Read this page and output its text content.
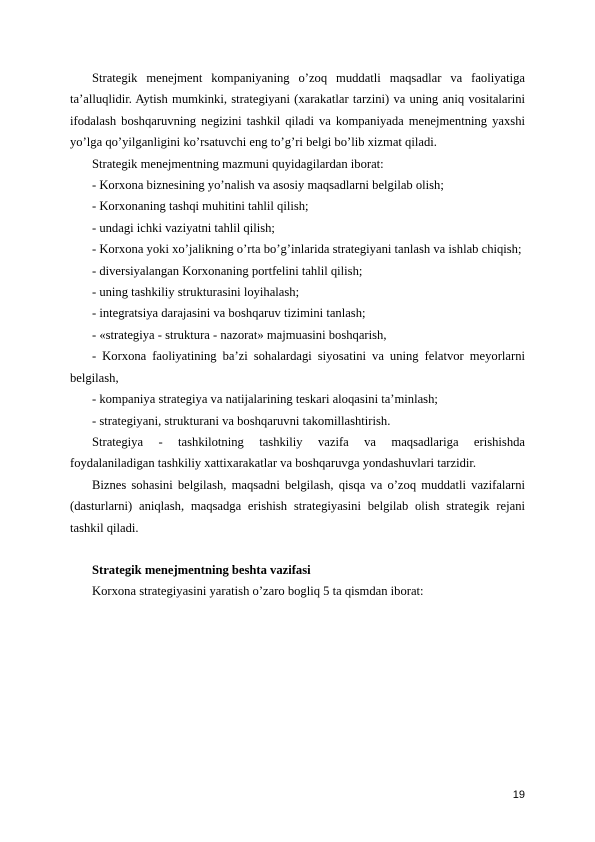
Strategik menejment kompaniyaning o’zoq muddatli maqsadlar va faoliyatiga ta’alluqlidir. Aytish mumkinki, strategiyani (xarakatlar tarzini) va uning aniq vositalarini ifodalash boshqaruvning negizini tashkil qiladi va kompaniyada menejmentning yaxshi yo’lga qo’yilganligini ko’rsatuvchi eng to’g’ri belgi bo’lib xizmat qiladi.

Strategik menejmentning mazmuni quyidagilardan iborat:

- Korxona biznesining yo’nalish va asosiy maqsadlarni belgilab olish;

- Korxonaning tashqi muhitini tahlil qilish;

- undagi ichki vaziyatni tahlil qilish;

- Korxona yoki xo’jalikning o’rta bo’g’inlarida strategiyani tanlash va ishlab chiqish;

- diversiyalangan Korxonaning portfelini tahlil qilish;

- uning tashkiliy strukturasini loyihalash;

- integratsiya darajasini va boshqaruv tizimini tanlash;

- «strategiya - struktura - nazorat» majmuasini boshqarish,

- Korxona faoliyatining ba’zi sohalardagi siyosatini va uning felatvor meyorlarni belgilash,

- kompaniya strategiya va natijalarining teskari aloqasini ta’minlash;

- strategiyani, strukturani va boshqaruvni takomillashtirish.

Strategiya - tashkilotning tashkiliy vazifa va maqsadlariga erishishda foydalaniladigan tashkiliy xattixarakatlar va boshqaruvga yondashuvlari tarzidir.

Biznes sohasini belgilash, maqsadni belgilash, qisqa va o’zoq muddatli vazifalarni (dasturlarni) aniqlash, maqsadga erishish strategiyasini belgilab olish strategik rejani tashkil qiladi.

Strategik menejmentning beshta vazifasi

Korxona strategiyasini yaratish o’zaro bogliq 5 ta qismdan iborat:

19
